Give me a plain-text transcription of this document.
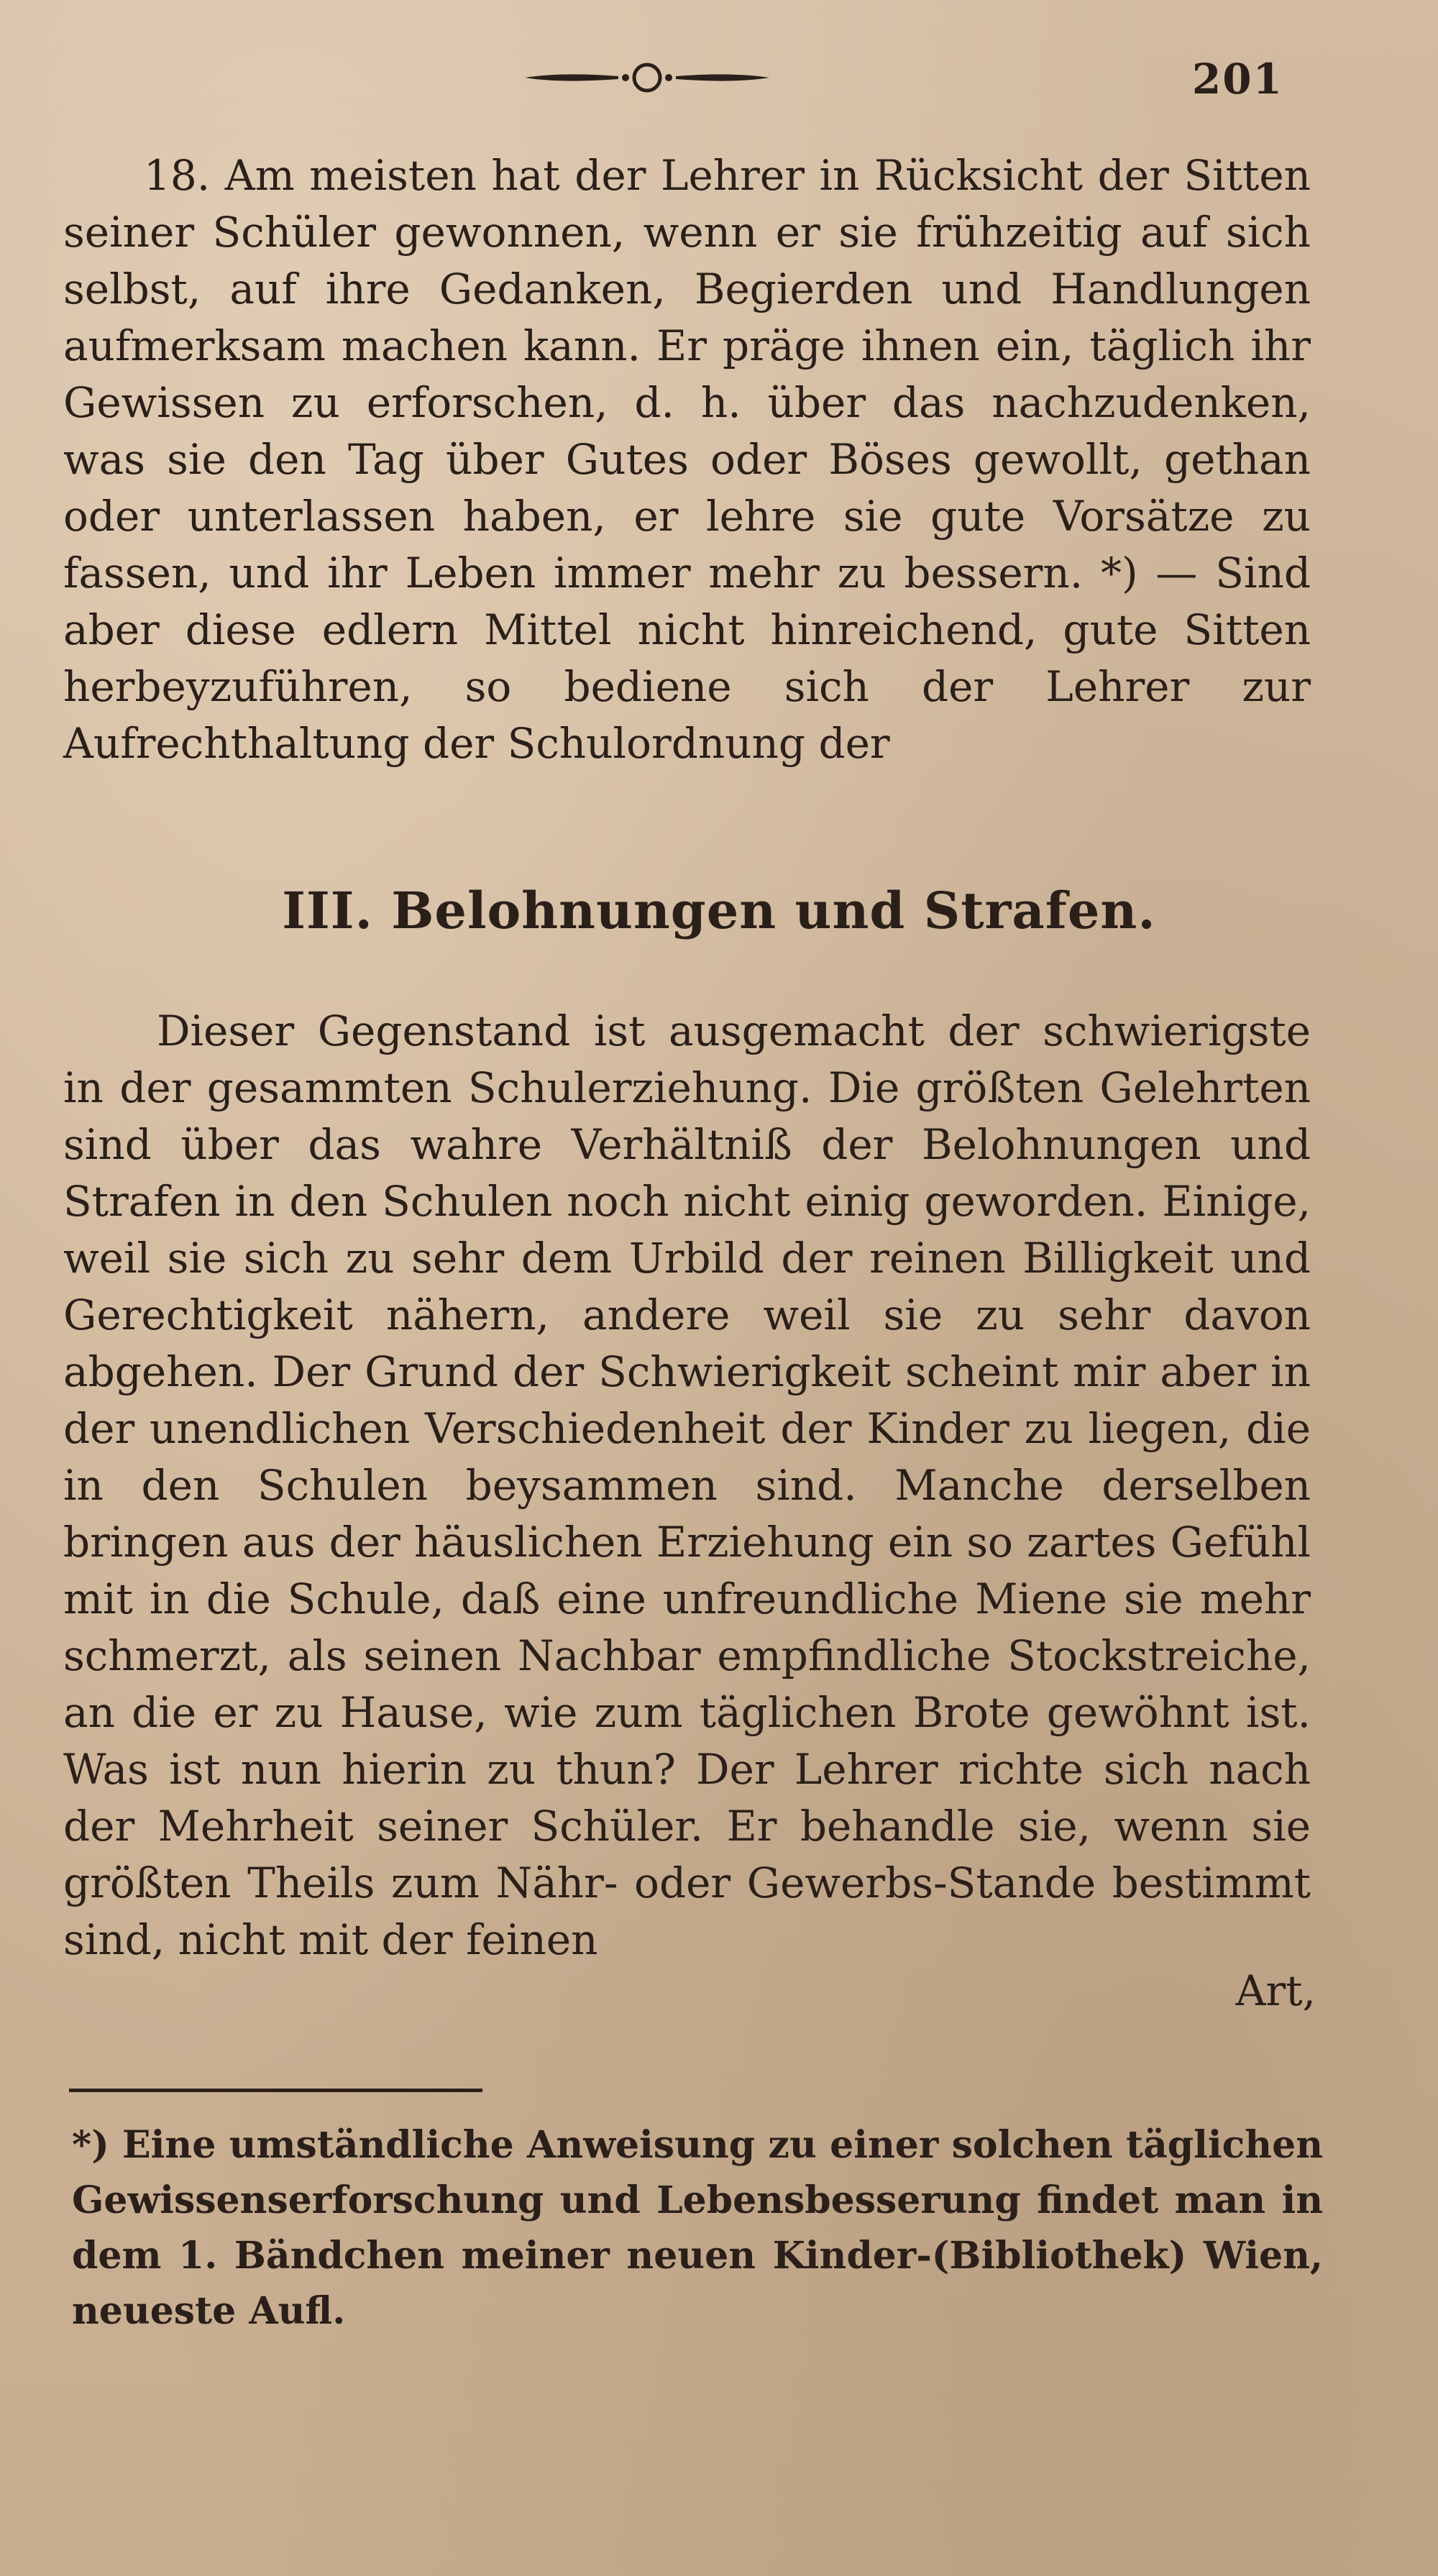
201

18. Am meisten hat der Lehrer in Rücksicht der Sitten seiner Schüler gewonnen, wenn er sie frühzeitig auf sich selbst, auf ihre Gedanken, Begierden und Handlungen aufmerksam machen kann. Er präge ihnen ein, täglich ihr Gewissen zu erforschen, d. h. über das nachzudenken, was sie den Tag über Gutes oder Böses gewollt, gethan oder unterlassen haben, er lehre sie gute Vorsätze zu fassen, und ihr Leben immer mehr zu bessern. *) — Sind aber diese edlern Mittel nicht hinreichend, gute Sitten herbeyzuführen, so bediene sich der Lehrer zur Aufrechthaltung der Schulordnung der

III. Belohnungen und Strafen.

Dieser Gegenstand ist ausgemacht der schwierigste in der gesammten Schulerziehung. Die größten Gelehrten sind über das wahre Verhältniß der Belohnungen und Strafen in den Schulen noch nicht einig geworden. Einige, weil sie sich zu sehr dem Urbild der reinen Billigkeit und Gerechtigkeit nähern, andere weil sie zu sehr davon abgehen. Der Grund der Schwierigkeit scheint mir aber in der unendlichen Verschiedenheit der Kinder zu liegen, die in den Schulen beysammen sind. Manche derselben bringen aus der häuslichen Erziehung ein so zartes Gefühl mit in die Schule, daß eine unfreundliche Miene sie mehr schmerzt, als seinen Nachbar empfindliche Stockstreiche, an die er zu Hause, wie zum täglichen Brote gewöhnt ist. Was ist nun hierin zu thun? Der Lehrer richte sich nach der Mehrheit seiner Schüler. Er behandle sie, wenn sie größten Theils zum Nähr- oder Gewerbs-Stande bestimmt sind, nicht mit der feinen

Art,

*) Eine umständliche Anweisung zu einer solchen täglichen Gewissenserforschung und Lebensbesserung findet man in dem 1. Bändchen meiner neuen Kinder-(Bibliothek) Wien, neueste Aufl.
